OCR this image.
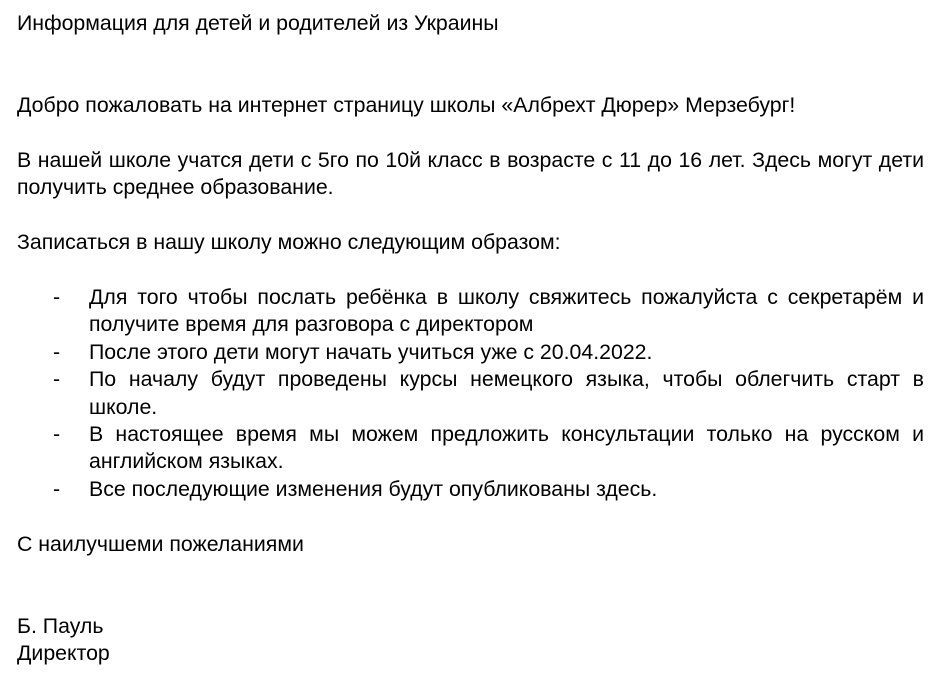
Информация для детей и родителей из Украины

Добро пожаловать на интернет страницу школы «Албрехт Дюрер» Мерзебург!

В нашей школе учатся дети с 5го по 10й класс в возрасте с 11 до 16 лет. Здесь могут дети получить среднее образование.

Записаться в нашу школу можно следующим образом:

- Для того чтобы послать ребёнка в школу свяжитесь пожалуйста с секретарём и получите время для разговора с директором
- После этого дети могут начать учиться уже с 20.04.2022.
- По началу будут проведены курсы немецкого языка, чтобы облегчить старт в школе.
- В настоящее время мы можем предложить консультации только на русском и английском языках.
- Все последующие изменения будут опубликованы здесь.

С наилучшеми пожеланиями

Б. Пауль

Директор
